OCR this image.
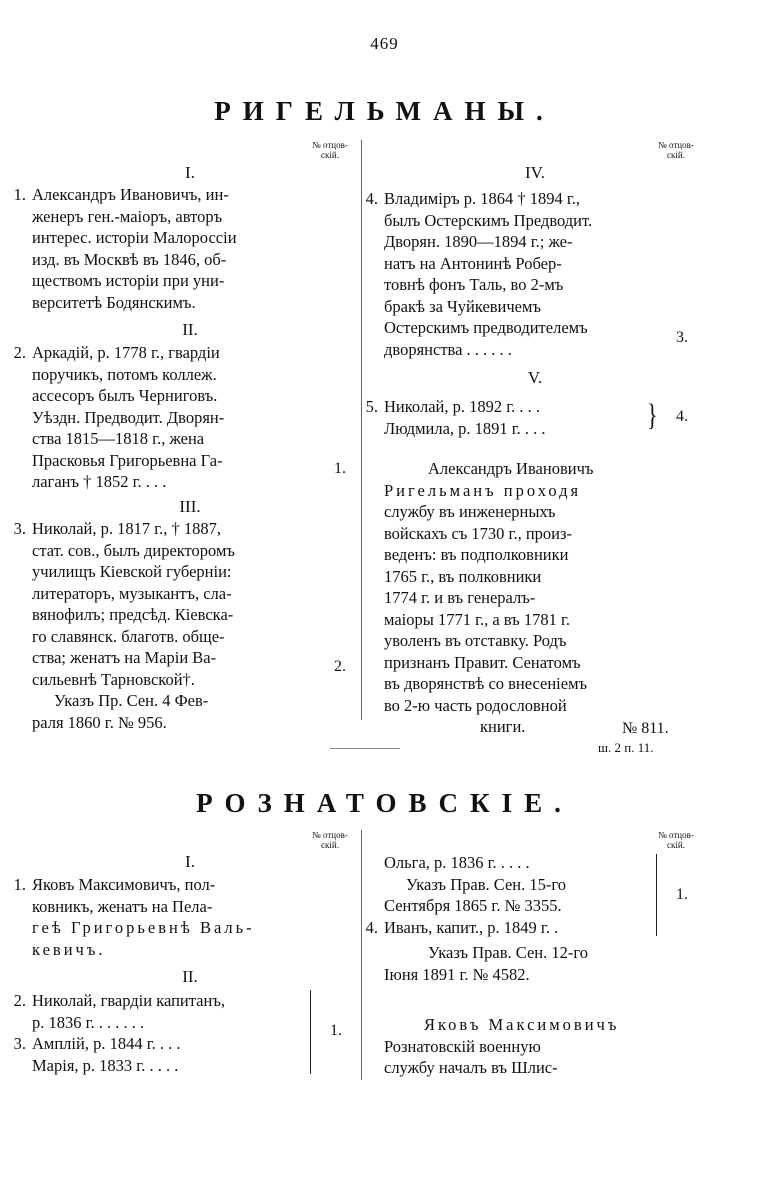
469
РИГЕЛЬМАНЫ.
№ отцов-
скій.
№ отцов-
скій.
I.
1. Александръ Ивановичъ, ин-
женеръ ген.-маіоръ, авторъ
интерес. исторіи Малороссіи
изд. въ Москвѣ въ 1846, об-
ществомъ исторіи при уни-
верситетѣ Бодянскимъ.
II.
2. Аркадій, р. 1778 г., гвардіи
поручикъ, потомъ коллеж.
ассесоръ былъ Черниговъ.
Уѣздн. Предводит. Дворян-
ства 1815—1818 г., жена
Прасковья Григорьевна Га-
лаганъ † 1852 г. . . .
1.
III.
3. Николай, р. 1817 г., † 1887,
стат. сов., былъ директоромъ
училищъ Кіевской губерніи:
литераторъ, музыкантъ, сла-
вянофилъ; предсѣд. Кіевска-
го славянск. благотв. общe-
ства; женатъ на Маріи Ва-
сильевнѣ Тарновской†.
Указъ Пр. Сен. 4 Фев-
раля 1860 г. № 956.
2.
IV.
4. Владиміръ р. 1864 † 1894 г.,
былъ Остерскимъ Предводит.
Дворян. 1890—1894 г.; же-
натъ на Антонинѣ Робер-
товнѣ фонъ Таль, во 2-мъ
бракѣ за Чуйкевичемъ
Остерскимъ предводителемъ
дворянства . . . . . .
3.
V.
5. Николай, р. 1892 г. . . .
Людмила, р. 1891 г. . . .	} 4.
Александръ Ивановичъ
Ригельманъ проходя
службу въ инженерныхъ
войскахъ съ 1730 г., произ-
веденъ: въ подполковники
1765 г., въ полковники
1774 г. и въ генералъ-
маіоры 1771 г., а въ 1781 г.
уволенъ въ отставку. Родъ
признанъ Правит. Сенатомъ
въ дворянствѣ со внесеніемъ
во 2-ю часть родословной
книги.	№ 811.
ш. 2 п. 11.
РОЗНАТОВСКІЕ.
№ отцов-
скій.
№ отцов-
скій.
I.
1. Яковъ Максимовичъ, пол-
ковникъ, женатъ на Пела-
геѣ Григорьевнѣ Валь-
кевичъ.
II.
2. Николай, гвардіи капитанъ,
р. 1836 г. . . . . . .
3. Амплій, р. 1844 г. . . .
Марія, р. 1833 г. . . . .
1.
Ольга, р. 1836 г. . . . .
Указъ Прав. Сен. 15-го
Сентября 1865 г. № 3355.
4. Иванъ, капит., р. 1849 г. .
1.
Указъ Прав. Сен. 12-го
Іюня 1891 г. № 4582.
Яковъ Максимовичъ
Рознатовскій военную
службу началъ въ Шлис-
